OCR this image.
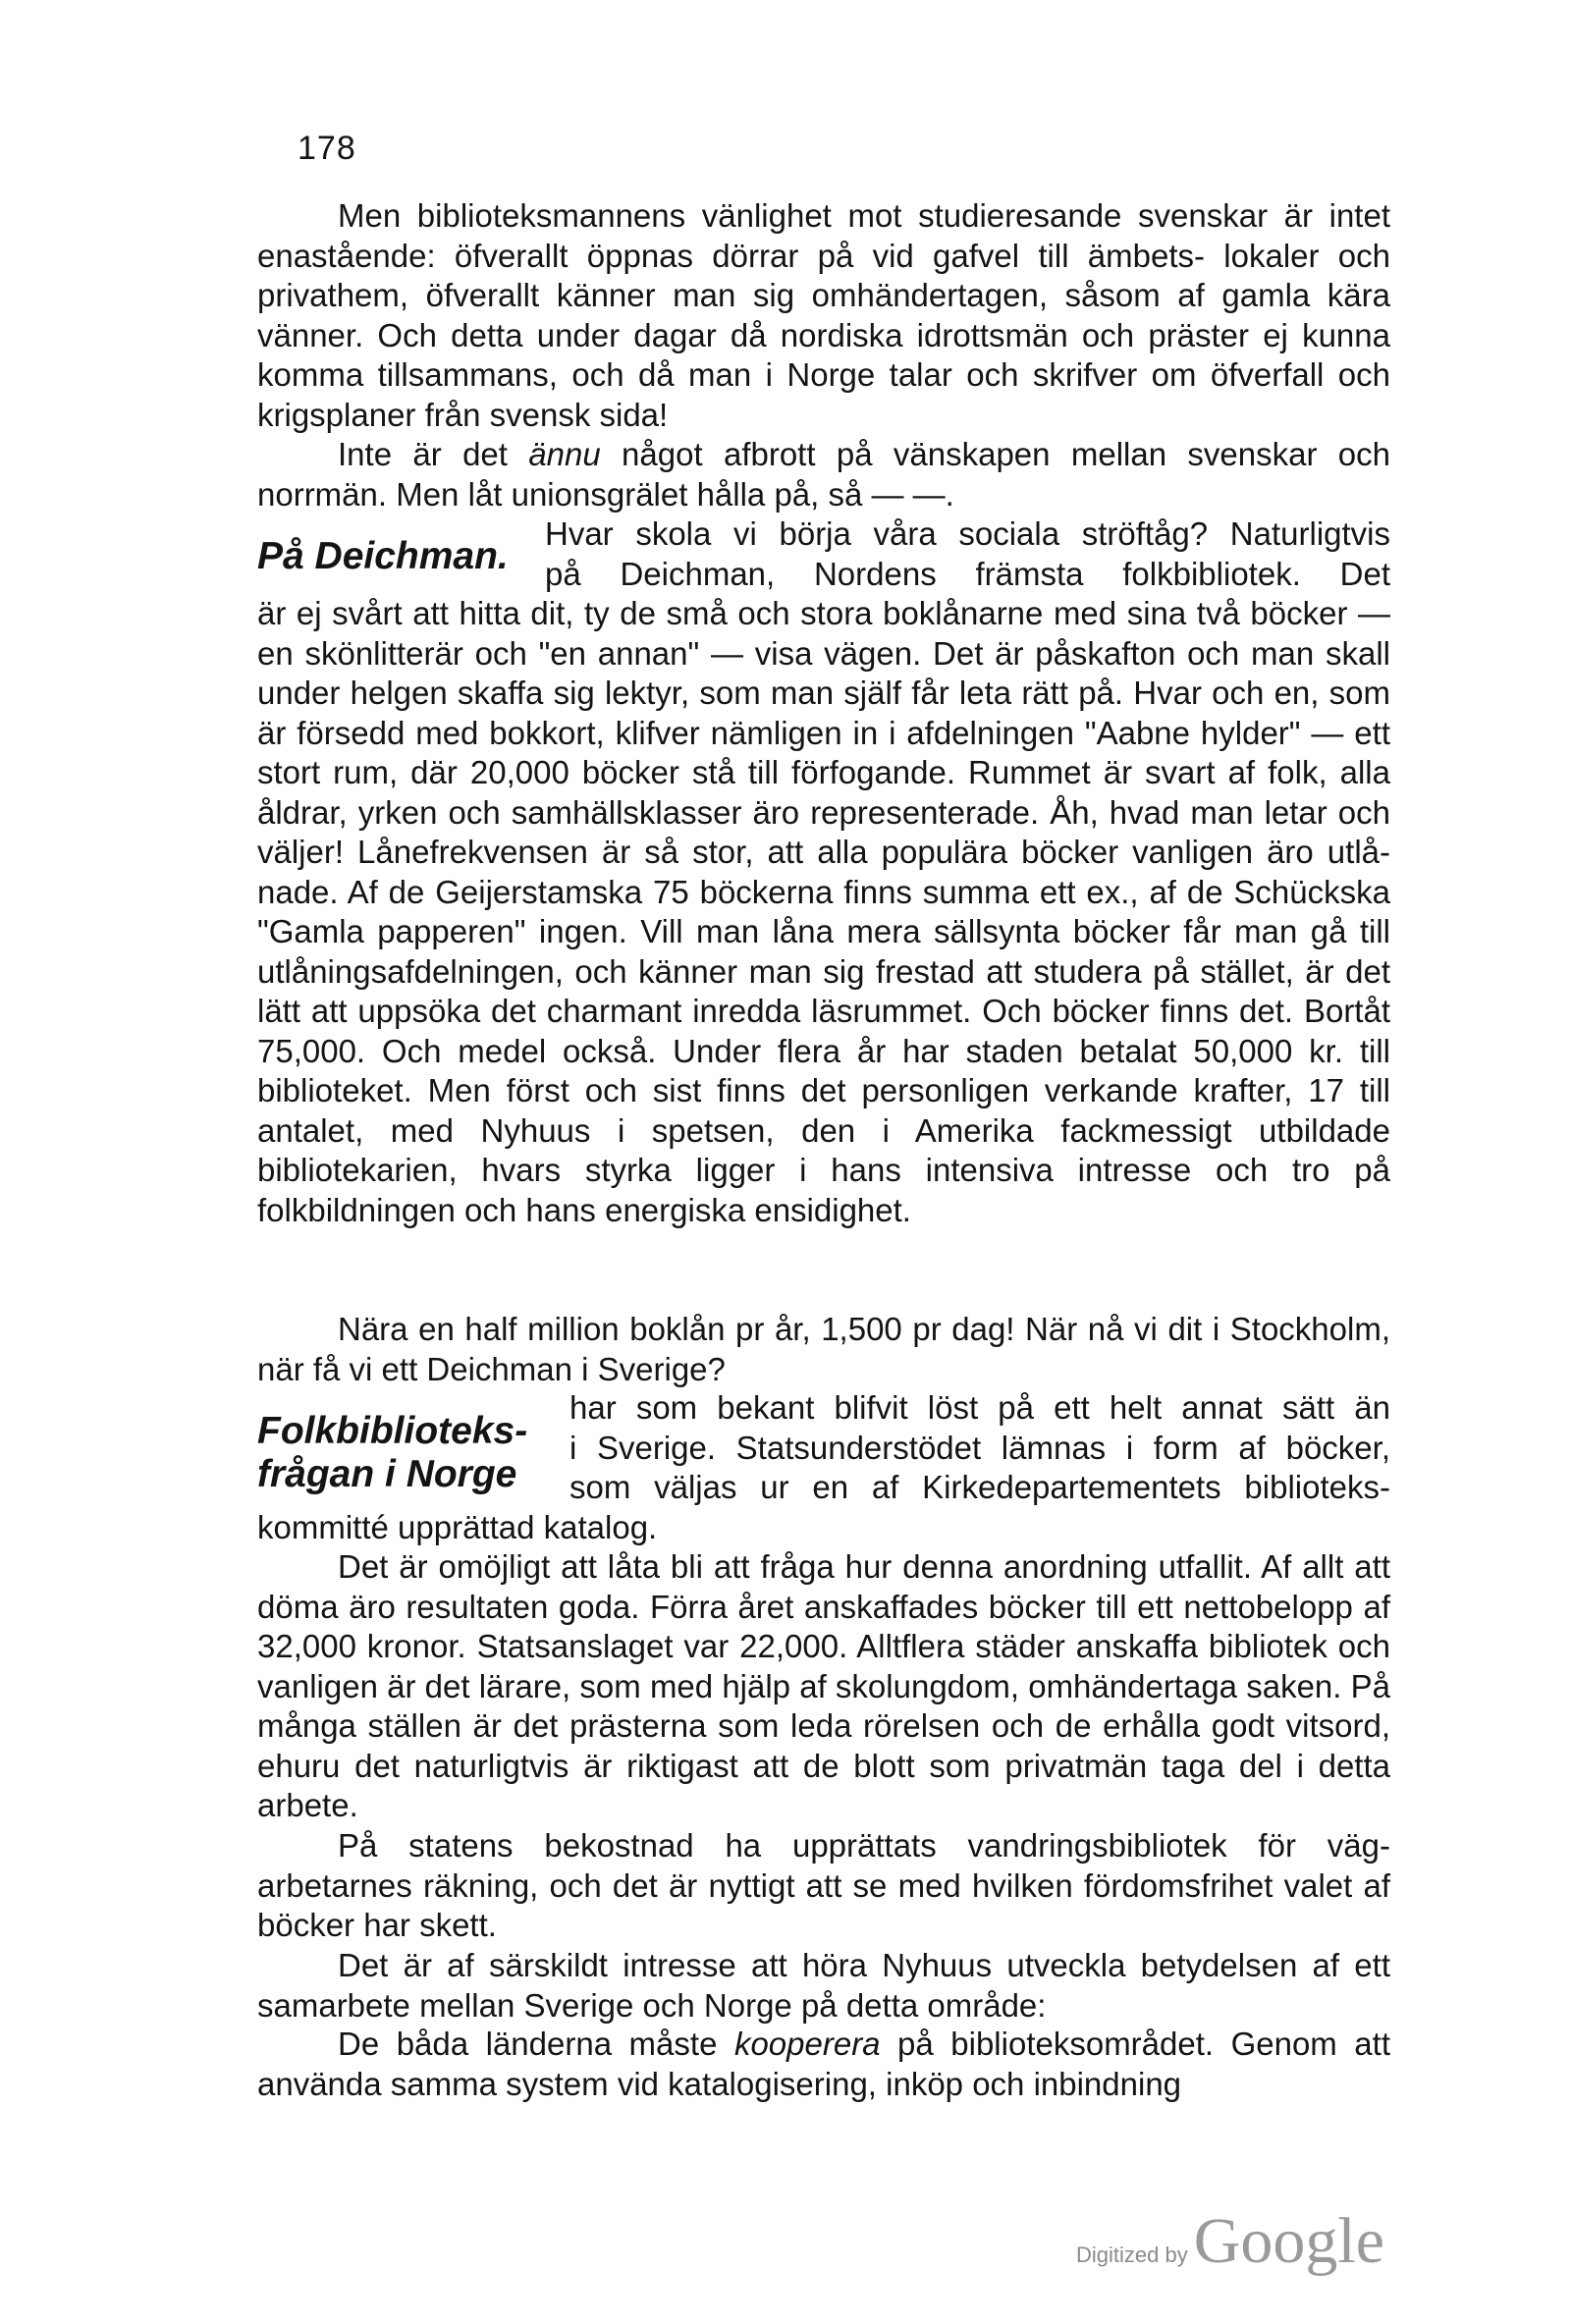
178

Men biblioteksmannens vänlighet mot studieresande svenskar är intet enastående: öfverallt öppnas dörrar på vid gafvel till ämbets- lokaler och privathem, öfverallt känner man sig omhändertagen, såsom af gamla kära vänner. Och detta under dagar då nordiska idrottsmän och präster ej kunna komma tillsammans, och då man i Norge talar och skrifver om öfverfall och krigsplaner från svensk sida!

Inte är det ännu något afbrott på vänskapen mellan svenskar och norrmän. Men låt unionsgrälet hålla på, så — —.

På Deichman.
Hvar skola vi börja våra sociala ströftåg? Naturligtvis
på Deichman, Nordens främsta folkbibliotek. Det

är ej svårt att hitta dit, ty de små och stora boklånarne med sina två böcker — en skönlitterär och "en annan" — visa vägen. Det är påskafton och man skall under helgen skaffa sig lektyr, som man själf får leta rätt på. Hvar och en, som är försedd med bokkort, klifver nämligen in i afdelningen "Aabne hylder" — ett stort rum, där 20,000 böcker stå till förfogande. Rummet är svart af folk, alla åldrar, yrken och samhällsklasser äro representerade. Åh, hvad man letar och väljer! Lånefrekvensen är så stor, att alla populära böcker vanligen äro utlå- nade. Af de Geijerstamska 75 böckerna finns summa ett ex., af de Schückska "Gamla papperen" ingen. Vill man låna mera sällsynta böcker får man gå till utlåningsafdelningen, och känner man sig frestad att studera på stället, är det lätt att uppsöka det charmant inredda läsrummet. Och böcker finns det. Bortåt 75,000. Och medel också. Under flera år har staden betalat 50,000 kr. till biblioteket. Men först och sist finns det personligen verkande krafter, 17 till antalet, med Nyhuus i spetsen, den i Amerika fackmessigt utbildade bibliotekarien, hvars styrka ligger i hans intensiva intresse och tro på folkbildningen och hans energiska ensidighet.

Nära en half million boklån pr år, 1,500 pr dag! När nå vi dit i Stockholm, när få vi ett Deichman i Sverige?

Folkbiblioteks-
frågan i Norge
har som bekant blifvit löst på ett helt annat sätt än
i Sverige. Statsunderstödet lämnas i form af böcker,
som väljas ur en af Kirkedepartementets biblioteks-
kommitté upprättad katalog.

Det är omöjligt att låta bli att fråga hur denna anordning utfallit. Af allt att döma äro resultaten goda. Förra året anskaffades böcker till ett nettobelopp af 32,000 kronor. Statsanslaget var 22,000. Alltflera städer anskaffa bibliotek och vanligen är det lärare, som med hjälp af skolungdom, omhändertaga saken. På många ställen är det prästerna som leda rörelsen och de erhålla godt vitsord, ehuru det naturligtvis är riktigast att de blott som privatmän taga del i detta arbete.

På statens bekostnad ha upprättats vandringsbibliotek för väg- arbetarnes räkning, och det är nyttigt att se med hvilken fördomsfrihet valet af böcker har skett.

Det är af särskildt intresse att höra Nyhuus utveckla betydelsen af ett samarbete mellan Sverige och Norge på detta område:

De båda länderna måste kooperera på biblioteksområdet. Genom att använda samma system vid katalogisering, inköp och inbindning

Digitized by Google
